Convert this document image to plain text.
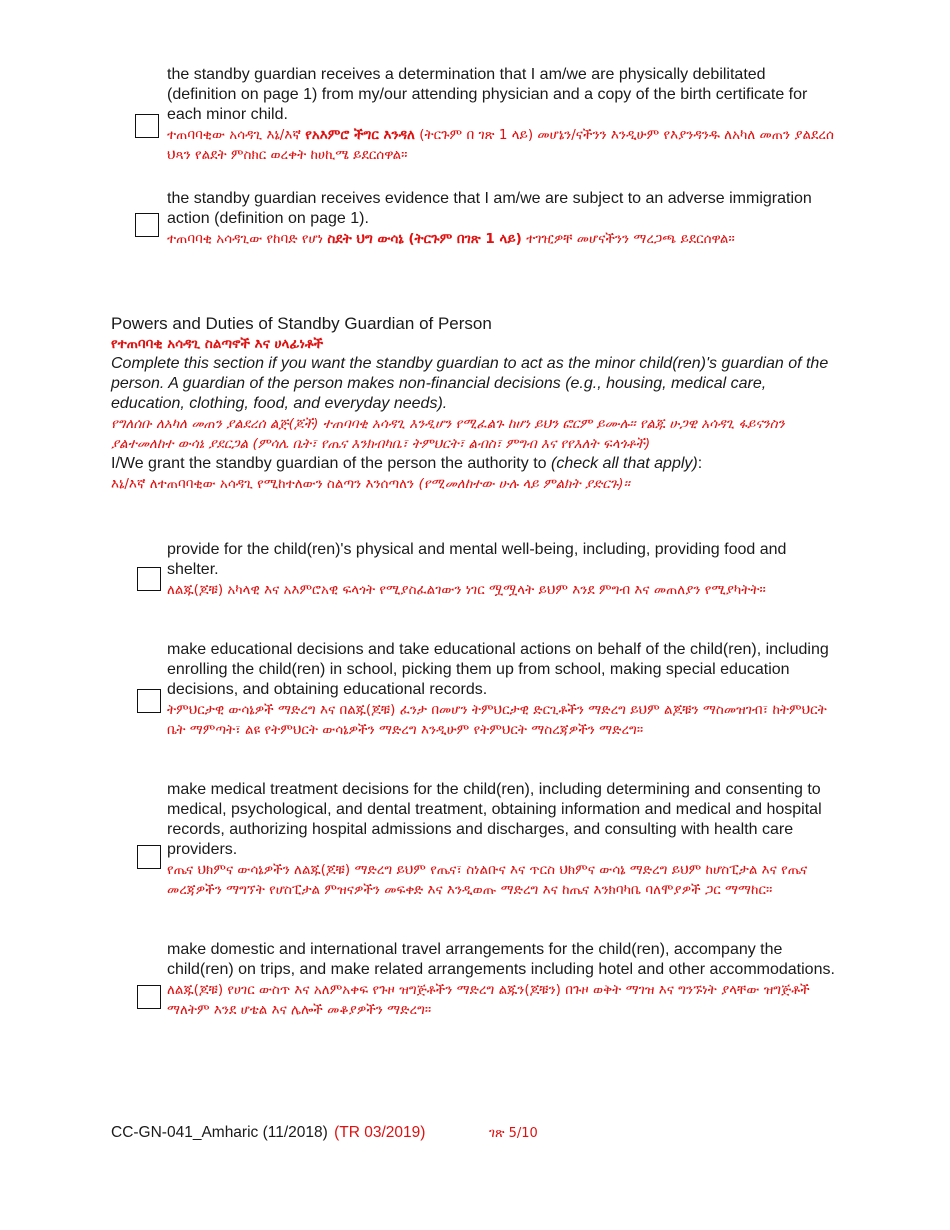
the standby guardian receives a determination that I am/we are physically debilitated (definition on page 1) from my/our attending physician and a copy of the birth certificate for each minor child.
ተጠባባቂው አሳዳጊ እኔ/እኛ የአእምሮ ችግር እንዳለ (ትርጉም በ ገጽ 1 ላይ) መሆኔን/ናችንን እንዲሁም የእያንዳንዱ ለአካለ መጠን ያልደረሰ ህጻን የልደት ምስክር ወረቀት ከሀኪሜ ይደርሰዋል።
the standby guardian receives evidence that I am/we are subject to an adverse immigration action (definition on page 1).
ተጠባባቂ አሳዳጊው የከባድ የሆነ ስደት ህግ ውሳኔ (ትርጉም በገጽ 1 ላይ) ተገዢዎቸ መሆናችንን ማረጋጫ ይደርሰዋል።
Powers and Duties of Standby Guardian of Person
የተጠባባቂ አሳዳጊ ስልጣኖች እና ሀላፊነቶች
Complete this section if you want the standby guardian to act as the minor child(ren)'s guardian of the person. A guardian of the person makes non-financial decisions (e.g., housing, medical care, education, clothing, food, and everyday needs).
የግለሰቡ ለአካለ መጠን ያልደረሰ ልጅ(ጆች) ተጠባባቂ አሳዳጊ እንዲሆን የሚፈልጉ ከሆነ ይህን ፎርም ይሙሉ። የልጁ ሁጋዊ አሳዳጊ ፋይናንስን ያልተመለከተ ውሳኔ ያደርጋል (ምሳሌ ቤት፣ የጤና እንክብካቤ፣ ትምህርት፣ ልብስ፣ ምግብ እና የየእለት ፍላጎቶች)
I/We grant the standby guardian of the person the authority to (check all that apply):
እኔ/እኛ ለተጠባባቂው አሳዳጊ የሚከተለውን ስልጣን እንሰጣለን (የሚመለከተው ሁሉ ላይ ምልክት ያድርጉ)።
provide for the child(ren)'s physical and mental well-being, including, providing food and shelter.
ለልጁ(ጆቹ) አካላዊ እና አእምሮአዊ ፍላጎት የሚያስፈልገውን ነገር ሟሟላት ይህም እንደ ምግብ እና መጠለያን የሚያካትት።
make educational decisions and take educational actions on behalf of the child(ren), including enrolling the child(ren) in school, picking them up from school, making special education decisions, and obtaining educational records.
ትምህርታዊ ውሳኔዎች ማድረግ እና በልጁ(ጆቹ) ፈንታ በመሆን ትምህርታዊ ድርጊቶችን ማድረግ ይህም ልጆቹን ማስመዝገብ፣ ከትምህርት ቤት ማምጣት፣ ልዩ የትምህርት ውሳኔዎችን ማድረግ እንዲሁም የትምህርት ማስረጃዎችን ማድረግ።
make medical treatment decisions for the child(ren), including determining and consenting to medical, psychological, and dental treatment, obtaining information and medical and hospital records, authorizing hospital admissions and discharges, and consulting with health care providers.
የጤና ህክምና ውሳኔዎችን ለልጁ(ጆቹ) ማድረግ ይህም የጤና፣ ስነልቡና እና ጥርስ ህክምና ውሳኔ ማድረግ ይህም ከሆስፒታል እና የጤና መረጃዎችን ማግኘት የሆስፒታል ምዝናዎችን መፍቀድ እና እንዲወጡ ማድረግ እና ከጤና እንክባካቤ ባለሞያዎች ጋር ማማከር።
make domestic and international travel arrangements for the child(ren), accompany the child(ren) on trips, and make related arrangements including hotel and other accommodations.
ለልጁ(ጆቹ) የሀገር ውስጥ እና አለምአቀፍ የጉዞ ዝግጅቶችን ማድረግ ልጁን(ጆቹን) በጉዞ ወቅት ማገዝ እና ግንኙነት ያላቸው ዝግጅቶች ማለትም እንደ ሆቴል እና ሌሎች መቆያዎችን ማድረግ።
CC-GN-041_Amharic (11/2018) (TR 03/2019)	ገጽ 5/10
